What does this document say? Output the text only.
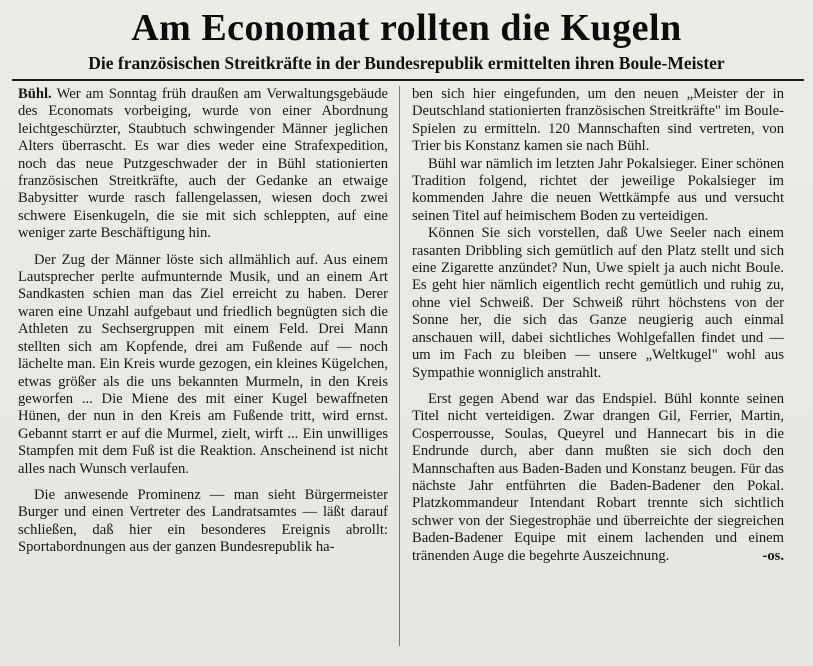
Am Economat rollten die Kugeln
Die französischen Streitkräfte in der Bundesrepublik ermittelten ihren Boule-Meister

Bühl. Wer am Sonntag früh draußen am Verwaltungsgebäude des Economats vorbeiging, wurde von einer Abordnung leichtgeschürzter, Staubtuch schwingender Männer jeglichen Alters überrascht. Es war dies weder eine Strafexpedition, noch das neue Putzgeschwader der in Bühl stationierten französischen Streitkräfte, auch der Gedanke an etwaige Babysitter wurde rasch fallengelassen, wiesen doch zwei schwere Eisenkugeln, die sie mit sich schleppten, auf eine weniger zarte Beschäftigung hin.

Der Zug der Männer löste sich allmählich auf. Aus einem Lautsprecher perlte aufmunternde Musik, und an einem Art Sandkasten schien man das Ziel erreicht zu haben. Derer waren eine Unzahl aufgebaut und friedlich begnügten sich die Athleten zu Sechsergruppen mit einem Feld. Drei Mann stellten sich am Kopfende, drei am Fußende auf — noch lächelte man. Ein Kreis wurde gezogen, ein kleines Kügelchen, etwas größer als die uns bekannten Murmeln, in den Kreis geworfen ... Die Miene des mit einer Kugel bewaffneten Hünen, der nun in den Kreis am Fußende tritt, wird ernst. Gebannt starrt er auf die Murmel, zielt, wirft ... Ein unwilliges Stampfen mit dem Fuß ist die Reaktion. Anscheinend ist nicht alles nach Wunsch verlaufen.

Die anwesende Prominenz — man sieht Bürgermeister Burger und einen Vertreter des Landratsamtes — läßt darauf schließen, daß hier ein besonderes Ereignis abrollt: Sportabordnungen aus der ganzen Bundesrepublik ha-

ben sich hier eingefunden, um den neuen „Meister der in Deutschland stationierten französischen Streitkräfte" im Boule-Spielen zu ermitteln. 120 Mannschaften sind vertreten, von Trier bis Konstanz kamen sie nach Bühl.

Bühl war nämlich im letzten Jahr Pokalsieger. Einer schönen Tradition folgend, richtet der jeweilige Pokalsieger im kommenden Jahre die neuen Wettkämpfe aus und versucht seinen Titel auf heimischem Boden zu verteidigen.

Können Sie sich vorstellen, daß Uwe Seeler nach einem rasanten Dribbling sich gemütlich auf den Platz stellt und sich eine Zigarette anzündet? Nun, Uwe spielt ja auch nicht Boule. Es geht hier nämlich eigentlich recht gemütlich und ruhig zu, ohne viel Schweiß. Der Schweiß rührt höchstens von der Sonne her, die sich das Ganze neugierig auch einmal anschauen will, dabei sichtliches Wohlgefallen findet und — um im Fach zu bleiben — unsere „Weltkugel" wohl aus Sympathie wonniglich anstrahlt.

Erst gegen Abend war das Endspiel. Bühl konnte seinen Titel nicht verteidigen. Zwar drangen Gil, Ferrier, Martin, Cosperrousse, Soulas, Queyrel und Hannecart bis in die Endrunde durch, aber dann mußten sie sich doch den Mannschaften aus Baden-Baden und Konstanz beugen. Für das nächste Jahr entführten die Baden-Badener den Pokal. Platzkommandeur Intendant Robart trennte sich sichtlich schwer von der Siegestrophäe und überreichte der siegreichen Baden-Badener Equipe mit einem lachenden und einem tränenden Auge die begehrte Auszeichnung.	-os.
